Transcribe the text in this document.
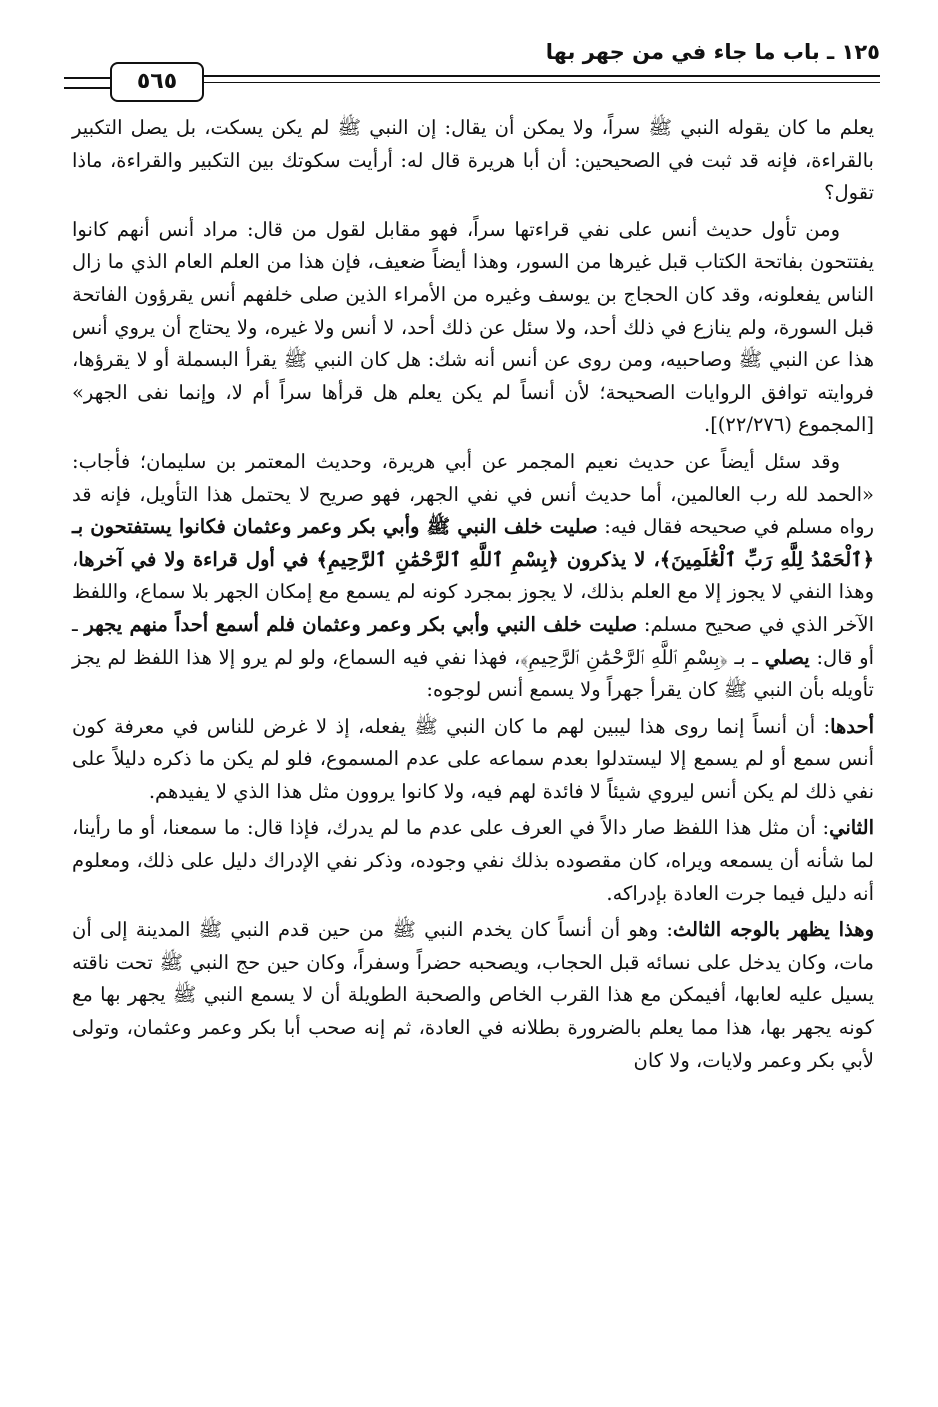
١٢٥ ـ باب ما جاء في من جهر بها
٥٦٥

يعلم ما كان يقوله النبي ﷺ سراً، ولا يمكن أن يقال: إن النبي ﷺ لم يكن يسكت، بل يصل التكبير بالقراءة، فإنه قد ثبت في الصحيحين: أن أبا هريرة قال له: أرأيت سكوتك بين التكبير والقراءة، ماذا تقول؟

ومن تأول حديث أنس على نفي قراءتها سراً، فهو مقابل لقول من قال: مراد أنس أنهم كانوا يفتتحون بفاتحة الكتاب قبل غيرها من السور، وهذا أيضاً ضعيف، فإن هذا من العلم العام الذي ما زال الناس يفعلونه، وقد كان الحجاج بن يوسف وغيره من الأمراء الذين صلى خلفهم أنس يقرؤون الفاتحة قبل السورة، ولم ينازع في ذلك أحد، ولا سئل عن ذلك أحد، لا أنس ولا غيره، ولا يحتاج أن يروي أنس هذا عن النبي ﷺ وصاحبيه، ومن روى عن أنس أنه شك: هل كان النبي ﷺ يقرأ البسملة أو لا يقرؤها، فروايته توافق الروايات الصحيحة؛ لأن أنساً لم يكن يعلم هل قرأها سراً أم لا، وإنما نفى الجهر» [المجموع (٢٢/٢٧٦)].

وقد سئل أيضاً عن حديث نعيم المجمر عن أبي هريرة، وحديث المعتمر بن سليمان؛ فأجاب: «الحمد لله رب العالمين، أما حديث أنس في نفي الجهر، فهو صريح لا يحتمل هذا التأويل، فإنه قد رواه مسلم في صحيحه فقال فيه: صليت خلف النبي ﷺ وأبي بكر وعمر وعثمان فكانوا يستفتحون بـ ﴿ٱلْحَمْدُ لِلَّهِ رَبِّ ٱلْعَٰلَمِينَ﴾، لا يذكرون ﴿بِسْمِ ٱللَّهِ ٱلرَّحْمَٰنِ ٱلرَّحِيمِ﴾ في أول قراءة ولا في آخرها، وهذا النفي لا يجوز إلا مع العلم بذلك، لا يجوز بمجرد كونه لم يسمع مع إمكان الجهر بلا سماع، واللفظ الآخر الذي في صحيح مسلم: صليت خلف النبي وأبي بكر وعمر وعثمان فلم أسمع أحداً منهم يجهر ـ أو قال: يصلي ـ بـ ﴿بِسْمِ ٱللَّهِ ٱلرَّحْمَٰنِ ٱلرَّحِيمِ﴾، فهذا نفي فيه السماع، ولو لم يرو إلا هذا اللفظ لم يجز تأويله بأن النبي ﷺ كان يقرأ جهراً ولا يسمع أنس لوجوه:

أحدها: أن أنساً إنما روى هذا ليبين لهم ما كان النبي ﷺ يفعله، إذ لا غرض للناس في معرفة كون أنس سمع أو لم يسمع إلا ليستدلوا بعدم سماعه على عدم المسموع، فلو لم يكن ما ذكره دليلاً على نفي ذلك لم يكن أنس ليروي شيئاً لا فائدة لهم فيه، ولا كانوا يروون مثل هذا الذي لا يفيدهم.

الثاني: أن مثل هذا اللفظ صار دالاً في العرف على عدم ما لم يدرك، فإذا قال: ما سمعنا، أو ما رأينا، لما شأنه أن يسمعه ويراه، كان مقصوده بذلك نفي وجوده، وذكر نفي الإدراك دليل على ذلك، ومعلوم أنه دليل فيما جرت العادة بإدراكه.

وهذا يظهر بالوجه الثالث: وهو أن أنساً كان يخدم النبي ﷺ من حين قدم النبي ﷺ المدينة إلى أن مات، وكان يدخل على نسائه قبل الحجاب، ويصحبه حضراً وسفراً، وكان حين حج النبي ﷺ تحت ناقته يسيل عليه لعابها، أفيمكن مع هذا القرب الخاص والصحبة الطويلة أن لا يسمع النبي ﷺ يجهر بها مع كونه يجهر بها، هذا مما يعلم بالضرورة بطلانه في العادة، ثم إنه صحب أبا بكر وعمر وعثمان، وتولى لأبي بكر وعمر ولايات، ولا كان
